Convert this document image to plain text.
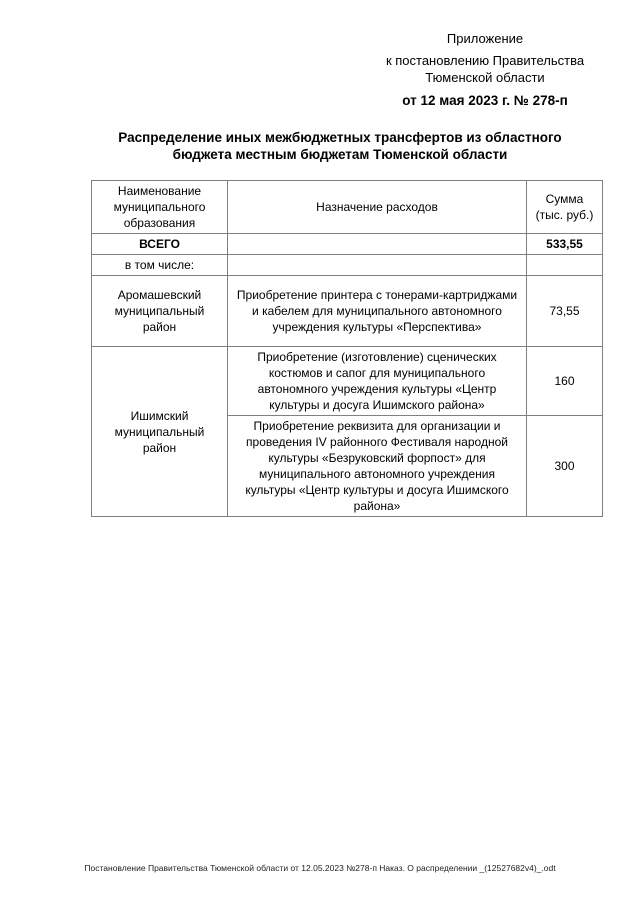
Приложение
к постановлению Правительства
Тюменской области
от 12 мая 2023 г. № 278-п
Распределение иных межбюджетных трансфертов из областного
бюджета местным бюджетам Тюменской области
Наименование муниципального образования	Назначение расходов	Сумма (тыс. руб.)
ВСЕГО		533,55
в том числе:		
Аромашевский муниципальный район	Приобретение принтера с тонерами-картриджами и кабелем для муниципального автономного учреждения культуры «Перспектива»	73,55
Ишимский муниципальный район	Приобретение (изготовление) сценических костюмов и сапог для муниципального автономного учреждения культуры «Центр культуры и досуга Ишимского района»	160
	Приобретение реквизита для организации и проведения IV районного Фестиваля народной культуры «Безруковский форпост» для муниципального автономного учреждения культуры «Центр культуры и досуга Ишимского района»	300
Постановление Правительства Тюменской области от 12.05.2023 №278-п Наказ. О распределении _(12527682v4)_.odt
